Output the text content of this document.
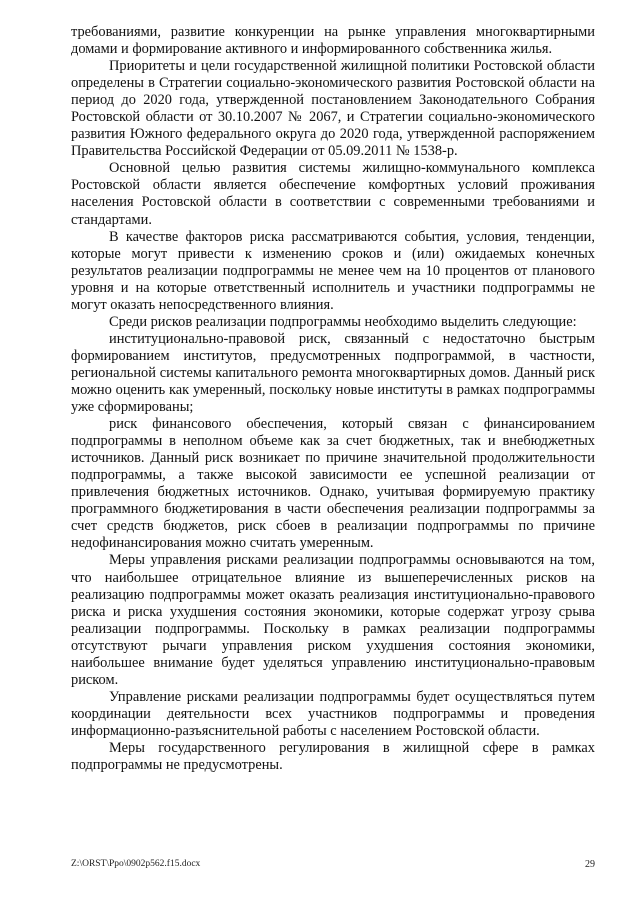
требованиями, развитие конкуренции на рынке управления многоквартирными домами и формирование активного и информированного собственника жилья.

Приоритеты и цели государственной жилищной политики Ростовской области определены в Стратегии социально-экономического развития Ростовской области на период до 2020 года, утвержденной постановлением Законодательного Собрания Ростовской области от 30.10.2007 № 2067, и Стратегии социально-экономического развития Южного федерального округа до 2020 года, утвержденной распоряжением Правительства Российской Федерации от 05.09.2011 № 1538-р.

Основной целью развития системы жилищно-коммунального комплекса Ростовской области является обеспечение комфортных условий проживания населения Ростовской области в соответствии с современными требованиями и стандартами.

В качестве факторов риска рассматриваются события, условия, тенденции, которые могут привести к изменению сроков и (или) ожидаемых конечных результатов реализации подпрограммы не менее чем на 10 процентов от планового уровня и на которые ответственный исполнитель и участники подпрограммы не могут оказать непосредственного влияния.

Среди рисков реализации подпрограммы необходимо выделить следующие:

институционально-правовой риск, связанный с недостаточно быстрым формированием институтов, предусмотренных подпрограммой, в частности, региональной системы капитального ремонта многоквартирных домов. Данный риск можно оценить как умеренный, поскольку новые институты в рамках подпрограммы уже сформированы;

риск финансового обеспечения, который связан с финансированием подпрограммы в неполном объеме как за счет бюджетных, так и внебюджетных источников. Данный риск возникает по причине значительной продолжительности подпрограммы, а также высокой зависимости ее успешной реализации от привлечения бюджетных источников. Однако, учитывая формируемую практику программного бюджетирования в части обеспечения реализации подпрограммы за счет средств бюджетов, риск сбоев в реализации подпрограммы по причине недофинансирования можно считать умеренным.

Меры управления рисками реализации подпрограммы основываются на том, что наибольшее отрицательное влияние из вышеперечисленных рисков на реализацию подпрограммы может оказать реализация институционально-правового риска и риска ухудшения состояния экономики, которые содержат угрозу срыва реализации подпрограммы. Поскольку в рамках реализации подпрограммы отсутствуют рычаги управления риском ухудшения состояния экономики, наибольшее внимание будет уделяться управлению институционально-правовым риском.

Управление рисками реализации подпрограммы будет осуществляться путем координации деятельности всех участников подпрограммы и проведения информационно-разъяснительной работы с населением Ростовской области.

Меры государственного регулирования в жилищной сфере в рамках подпрограммы не предусмотрены.

Z:\ORST\Ppo\0902p562.f15.docx	29
